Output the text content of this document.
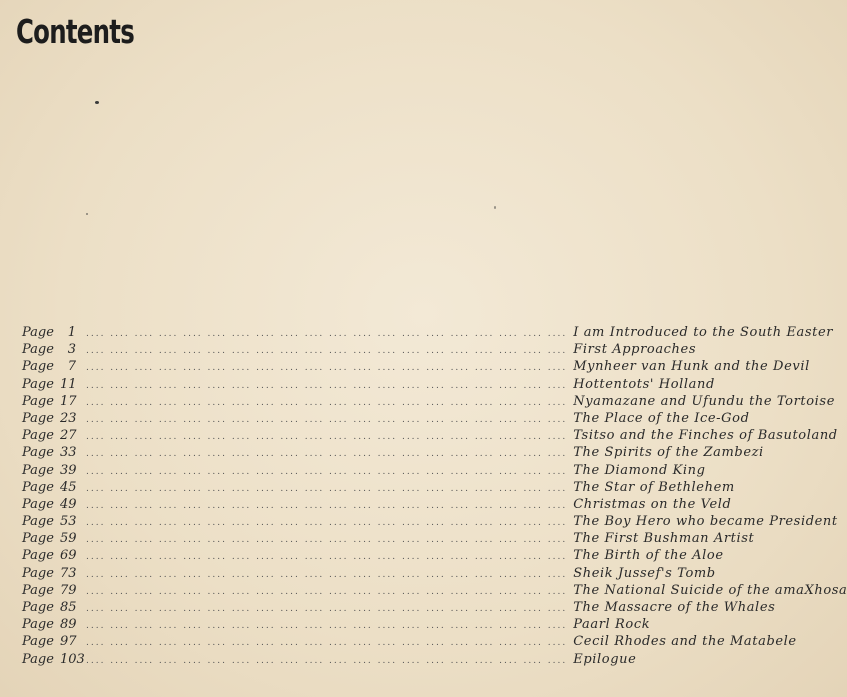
Contents
Page	1 .... .... .... .... .... .... .... .... .... .... .... .... .... .... .... .... .... .... .... .... I am Introduced to the South Easter
Page	3 .... .... .... .... .... .... .... .... .... .... .... .... .... .... .... .... .... .... .... .... First Approaches
Page	7 .... .... .... .... .... .... .... .... .... .... .... .... .... .... .... .... .... .... .... .... Mynheer van Hunk and the Devil
Page 11 .... .... .... .... .... .... .... .... .... .... .... .... .... .... .... .... .... .... .... .... Hottentots' Holland
Page 17 .... .... .... .... .... .... .... .... .... .... .... .... .... .... .... .... .... .... .... .... Nyamazane and Ufundu the Tortoise
Page 23 .... .... .... .... .... .... .... .... .... .... .... .... .... .... .... .... .... .... .... .... The Place of the Ice-God
Page 27 .... .... .... .... .... .... .... .... .... .... .... .... .... .... .... .... .... .... .... .... Tsitso and the Finches of Basutoland
Page 33 .... .... .... .... .... .... .... .... .... .... .... .... .... .... .... .... .... .... .... .... The Spirits of the Zambezi
Page 39 .... .... .... .... .... .... .... .... .... .... .... .... .... .... .... .... .... .... .... .... The Diamond King
Page 45 .... .... .... .... .... .... .... .... .... .... .... .... .... .... .... .... .... .... .... .... The Star of Bethlehem
Page 49 .... .... .... .... .... .... .... .... .... .... .... .... .... .... .... .... .... .... .... .... Christmas on the Veld
Page 53 .... .... .... .... .... .... .... .... .... .... .... .... .... .... .... .... .... .... .... .... The Boy Hero who became President
Page 59 .... .... .... .... .... .... .... .... .... .... .... .... .... .... .... .... .... .... .... .... The First Bushman Artist
Page 69 .... .... .... .... .... .... .... .... .... .... .... .... .... .... .... .... .... .... .... .... The Birth of the Aloe
Page 73 .... .... .... .... .... .... .... .... .... .... .... .... .... .... .... .... .... .... .... .... Sheik Jussef's Tomb
Page 79 .... .... .... .... .... .... .... .... .... .... .... .... .... .... .... .... .... .... .... .... The National Suicide of the amaXhosa
Page 85 .... .... .... .... .... .... .... .... .... .... .... .... .... .... .... .... .... .... .... .... The Massacre of the Whales
Page 89 .... .... .... .... .... .... .... .... .... .... .... .... .... .... .... .... .... .... .... .... Paarl Rock
Page 97 .... .... .... .... .... .... .... .... .... .... .... .... .... .... .... .... .... .... .... .... Cecil Rhodes and the Matabele
Page 103 .... .... .... .... .... .... .... .... .... .... .... .... .... .... .... .... .... .... .... .... Epilogue
